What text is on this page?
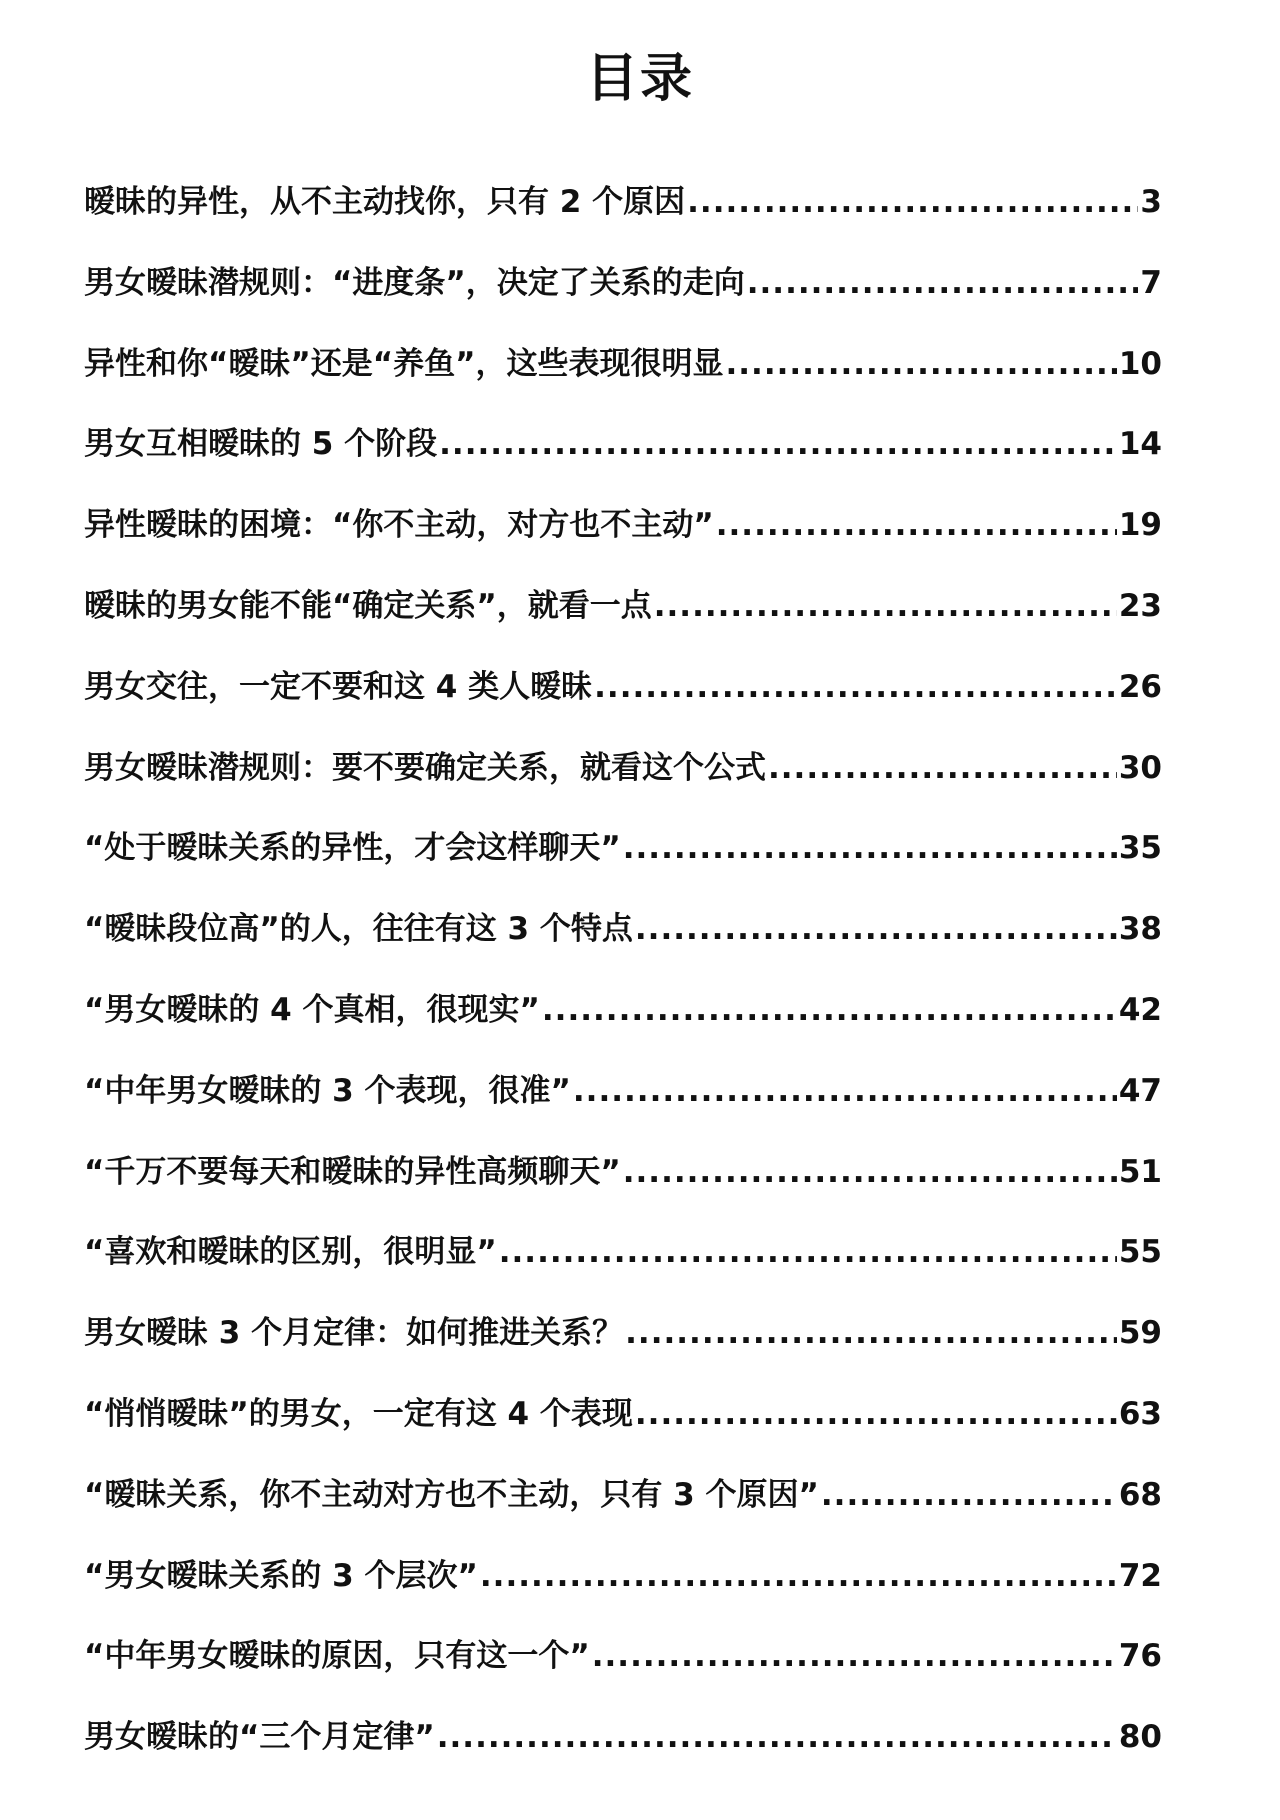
目录
暧昧的异性，从不主动找你，只有 2 个原因 .....	3
男女暧昧潜规则：“进度条”，决定了关系的走向 .....	7
异性和你“暧昧”还是“养鱼”，这些表现很明显 .....	10
男女互相暧昧的 5 个阶段 .....	14
异性暧昧的困境：“你不主动，对方也不主动” .....	19
暧昧的男女能不能“确定关系”，就看一点 .....	23
男女交往，一定不要和这 4 类人暧昧 .....	26
男女暧昧潜规则：要不要确定关系，就看这个公式 .....	30
“处于暧昧关系的异性，才会这样聊天” .....	35
“暧昧段位高”的人，往往有这 3 个特点 .....	38
“男女暧昧的 4 个真相，很现实” .....	42
“中年男女暧昧的 3 个表现，很准” .....	47
“千万不要每天和暧昧的异性高频聊天” .....	51
“喜欢和暧昧的区别，很明显” .....	55
男女暧昧 3 个月定律：如何推进关系？ .....	59
“悄悄暧昧”的男女，一定有这 4 个表现 .....	63
“暧昧关系，你不主动对方也不主动，只有 3 个原因” .....	68
“男女暧昧关系的 3 个层次” .....	72
“中年男女暧昧的原因，只有这一个” .....	76
男女暧昧的“三个月定律” .....	80
